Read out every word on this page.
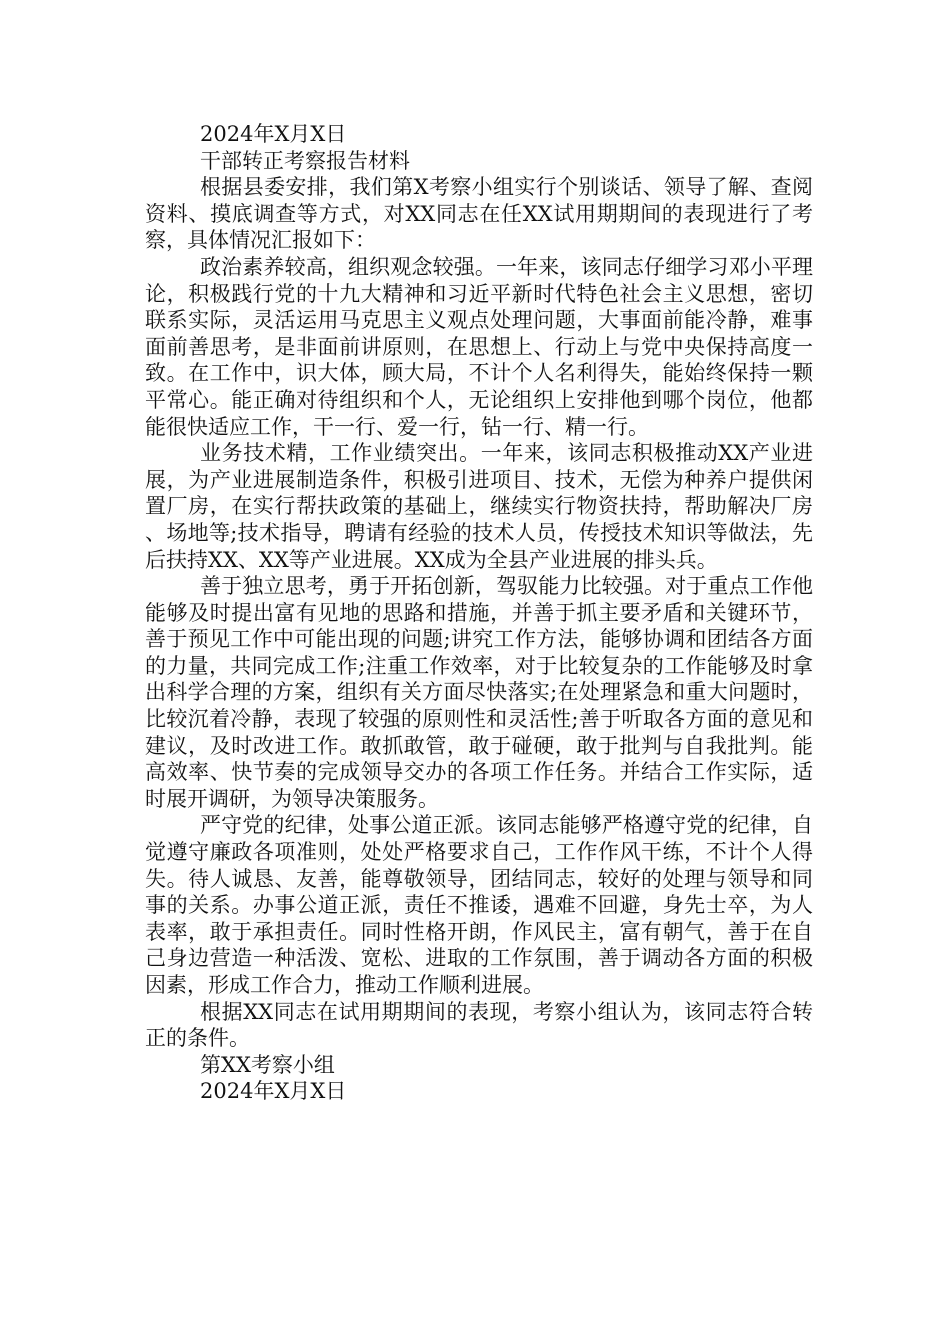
2024年X月X日

干部转正考察报告材料

根据县委安排，我们第X考察小组实行个别谈话、领导了解、查阅资料、摸底调查等方式，对XX同志在任XX试用期期间的表现进行了考察，具体情况汇报如下：

政治素养较高，组织观念较强。一年来，该同志仔细学习邓小平理论，积极践行党的十九大精神和习近平新时代特色社会主义思想，密切联系实际，灵活运用马克思主义观点处理问题，大事面前能冷静，难事面前善思考，是非面前讲原则，在思想上、行动上与党中央保持高度一致。在工作中，识大体，顾大局，不计个人名利得失，能始终保持一颗平常心。能正确对待组织和个人，无论组织上安排他到哪个岗位，他都能很快适应工作，干一行、爱一行，钻一行、精一行。

业务技术精，工作业绩突出。一年来，该同志积极推动XX产业进展，为产业进展制造条件，积极引进项目、技术，无偿为种养户提供闲置厂房，在实行帮扶政策的基础上，继续实行物资扶持，帮助解决厂房、场地等;技术指导，聘请有经验的技术人员，传授技术知识等做法，先后扶持XX、XX等产业进展。XX成为全县产业进展的排头兵。

善于独立思考，勇于开拓创新，驾驭能力比较强。对于重点工作他能够及时提出富有见地的思路和措施，并善于抓主要矛盾和关键环节，善于预见工作中可能出现的问题;讲究工作方法，能够协调和团结各方面的力量，共同完成工作;注重工作效率，对于比较复杂的工作能够及时拿出科学合理的方案，组织有关方面尽快落实;在处理紧急和重大问题时，比较沉着冷静，表现了较强的原则性和灵活性;善于听取各方面的意见和建议，及时改进工作。敢抓敢管，敢于碰硬，敢于批判与自我批判。能高效率、快节奏的完成领导交办的各项工作任务。并结合工作实际，适时展开调研，为领导决策服务。

严守党的纪律，处事公道正派。该同志能够严格遵守党的纪律，自觉遵守廉政各项准则，处处严格要求自己，工作作风干练，不计个人得失。待人诚恳、友善，能尊敬领导，团结同志，较好的处理与领导和同事的关系。办事公道正派，责任不推诿，遇难不回避，身先士卒，为人表率，敢于承担责任。同时性格开朗，作风民主，富有朝气，善于在自己身边营造一种活泼、宽松、进取的工作氛围，善于调动各方面的积极因素，形成工作合力，推动工作顺利进展。

根据XX同志在试用期期间的表现，考察小组认为，该同志符合转正的条件。

第XX考察小组

2024年X月X日
